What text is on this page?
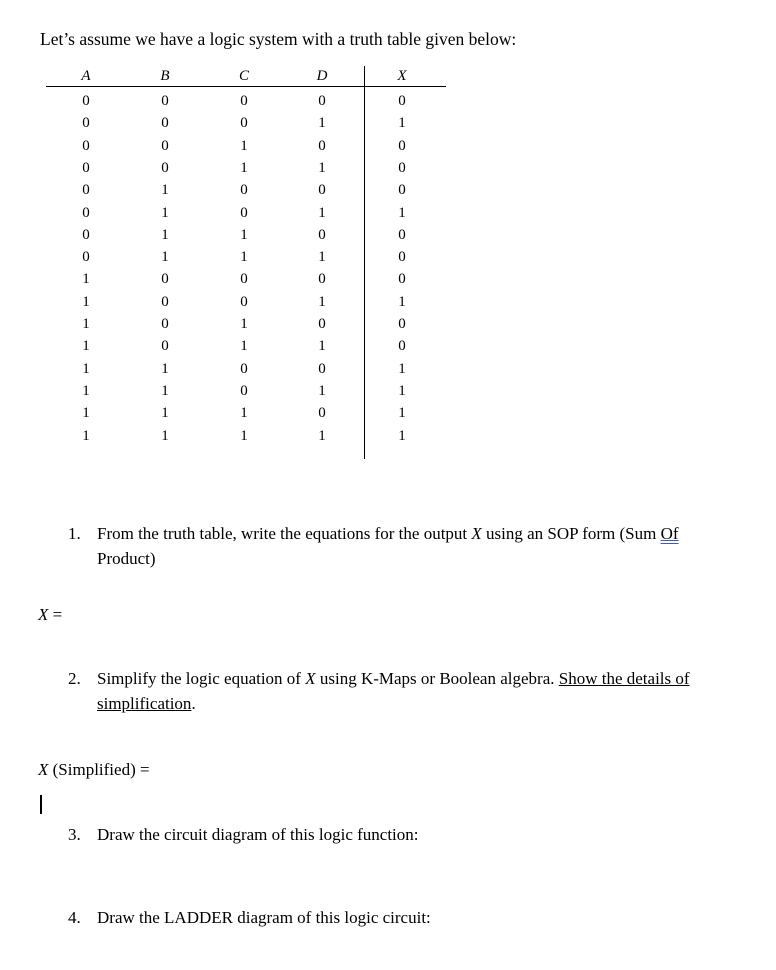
Let’s assume we have a logic system with a truth table given below:
A	B	C	D	X
0	0	0	0	0
0	0	0	1	1
0	0	1	0	0
0	0	1	1	0
0	1	0	0	0
0	1	0	1	1
0	1	1	0	0
0	1	1	1	0
1	0	0	0	0
1	0	0	1	1
1	0	1	0	0
1	0	1	1	0
1	1	0	0	1
1	1	0	1	1
1	1	1	0	1
1	1	1	1	1
1. From the truth table, write the equations for the output X using an SOP form (Sum Of
Product)
X =
2. Simplify the logic equation of X using K-Maps or Boolean algebra. Show the details of simplification.
X (Simplified) =
3. Draw the circuit diagram of this logic function:
4. Draw the LADDER diagram of this logic circuit:
